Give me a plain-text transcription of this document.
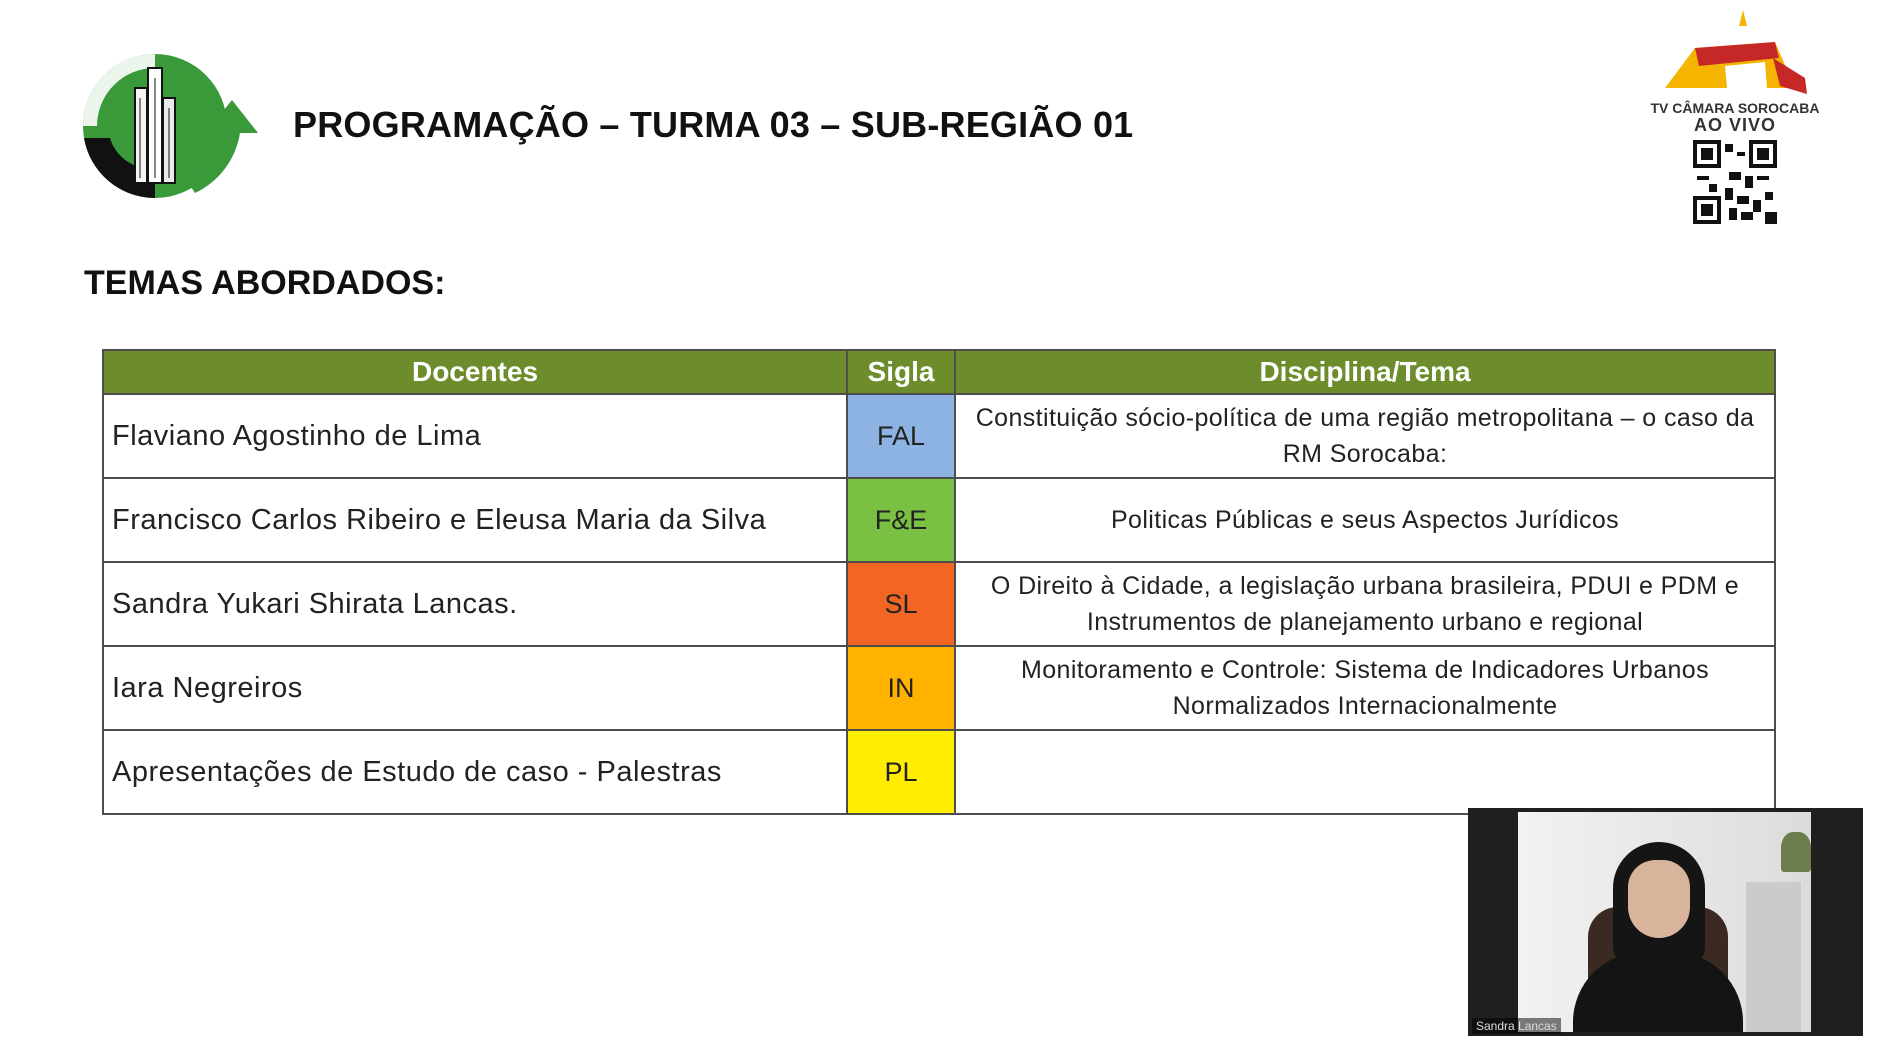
PROGRAMAÇÃO – TURMA 03 – SUB-REGIÃO 01
TEMAS ABORDADOS:
TV CÂMARA SOROCABA
AO VIVO
Docentes	Sigla	Disciplina/Tema
Flaviano Agostinho de Lima	FAL	Constituição sócio-política de uma região metropolitana – o caso da RM Sorocaba:
Francisco Carlos Ribeiro e Eleusa Maria da Silva	F&E	Politicas Públicas e seus Aspectos Jurídicos
Sandra Yukari Shirata Lancas.	SL	O Direito à Cidade, a legislação urbana brasileira, PDUI e PDM e Instrumentos de planejamento urbano e regional
Iara Negreiros	IN	Monitoramento e Controle: Sistema de Indicadores Urbanos Normalizados Internacionalmente
Apresentações de Estudo de caso - Palestras	PL	
Sandra Lancas
